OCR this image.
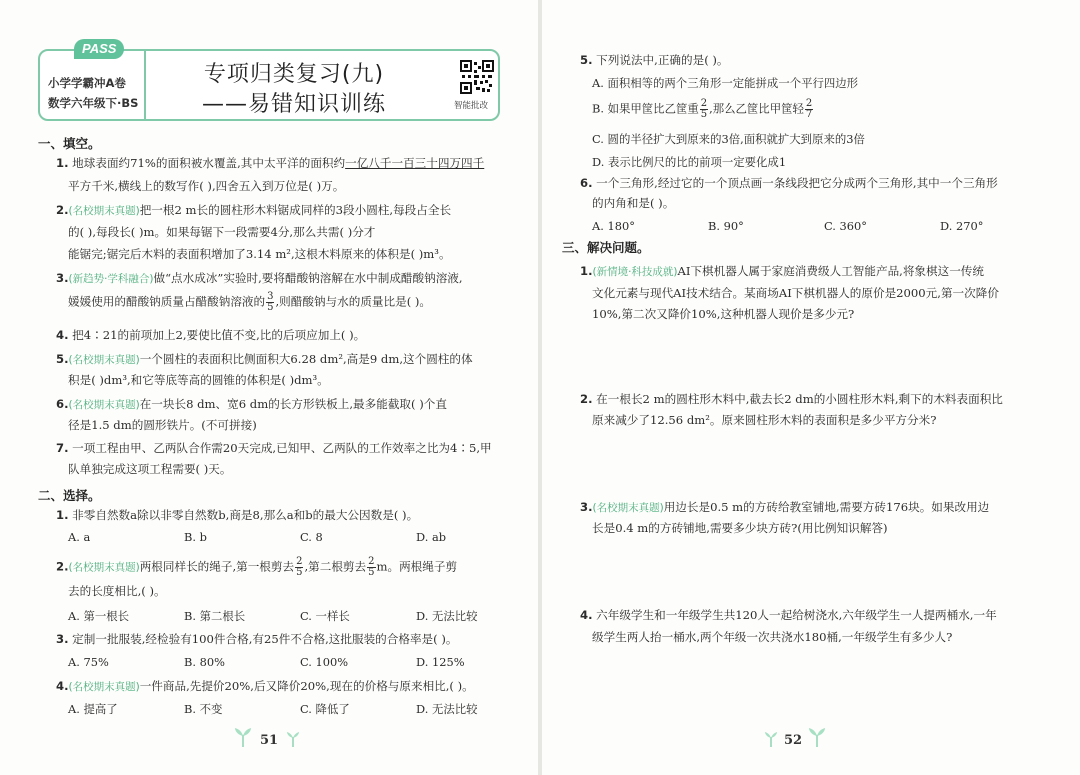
PASS
小学学霸冲A卷
数学六年级下·BS
专项归类复习(九)
——易错知识训练	智能批改
一、填空。
1. 地球表面约71%的面积被水覆盖,其中太平洋的面积约一亿八千一百三十四万四千
平方千米,横线上的数写作( ),四舍五入到万位是( )万。
2.(名校期末真题)把一根2 m长的圆柱形木料锯成同样的3段小圆柱,每段占全长
的( ),每段长( )m。如果每锯下一段需要4分,那么共需( )分才
能锯完;锯完后木料的表面积增加了3.14 m²,这根木料原来的体积是( )m³。
3.(新趋势·学科融合)做“点水成冰”实验时,要将醋酸钠溶解在水中制成醋酸钠溶液,
媛媛使用的醋酸钠质量占醋酸钠溶液的 $\frac{3}{5}$ ,则醋酸钠与水的质量比是( )。
4. 把4∶21的前项加上2,要使比值不变,比的后项应加上( )。
5.(名校期末真题)一个圆柱的表面积比侧面积大6.28 dm²,高是9 dm,这个圆柱的体
积是( )dm³,和它等底等高的圆锥的体积是( )dm³。
6.(名校期末真题)在一块长8 dm、宽6 dm的长方形铁板上,最多能截取( )个直
径是1.5 dm的圆形铁片。(不可拼接)
7. 一项工程由甲、乙两队合作需20天完成,已知甲、乙两队的工作效率之比为4∶5,甲
队单独完成这项工程需要( )天。
二、选择。
1. 非零自然数a除以非零自然数b,商是8,那么a和b的最大公因数是( )。
A. a	B. b	C. 8	D. ab
2.(名校期末真题)两根同样长的绳子,第一根剪去 $\frac{2}{5}$ ,第二根剪去 $\frac{2}{5}$ m。两根绳子剪
去的长度相比,( )。
A. 第一根长	B. 第二根长	C. 一样长	D. 无法比较
3. 定制一批服装,经检验有100件合格,有25件不合格,这批服装的合格率是( )。
A. 75%	B. 80%	C. 100%	D. 125%
4.(名校期末真题)一件商品,先提价20%,后又降价20%,现在的价格与原来相比,( )。
A. 提高了	B. 不变	C. 降低了	D. 无法比较
51
5. 下列说法中,正确的是( )。
A. 面积相等的两个三角形一定能拼成一个平行四边形
B. 如果甲筐比乙筐重 $\frac{2}{5}$ ,那么乙筐比甲筐轻 $\frac{2}{7}$
C. 圆的半径扩大到原来的3倍,面积就扩大到原来的3倍
D. 表示比例尺的比的前项一定要化成1
6. 一个三角形,经过它的一个顶点画一条线段把它分成两个三角形,其中一个三角形
的内角和是( )。
A. 180°	B. 90°	C. 360°	D. 270°
三、解决问题。
1.(新情境·科技成就)AI下棋机器人属于家庭消费级人工智能产品,将象棋这一传统
文化元素与现代AI技术结合。某商场AI下棋机器人的原价是2000元,第一次降价
10%,第二次又降价10%,这种机器人现价是多少元?
2. 在一根长2 m的圆柱形木料中,截去长2 dm的小圆柱形木料,剩下的木料表面积比
原来减少了12.56 dm²。原来圆柱形木料的表面积是多少平方分米?
3.(名校期末真题)用边长是0.5 m的方砖给教室铺地,需要方砖176块。如果改用边
长是0.4 m的方砖铺地,需要多少块方砖?(用比例知识解答)
4. 六年级学生和一年级学生共120人一起给树浇水,六年级学生一人提两桶水,一年
级学生两人抬一桶水,两个年级一次共浇水180桶,一年级学生有多少人?
52
